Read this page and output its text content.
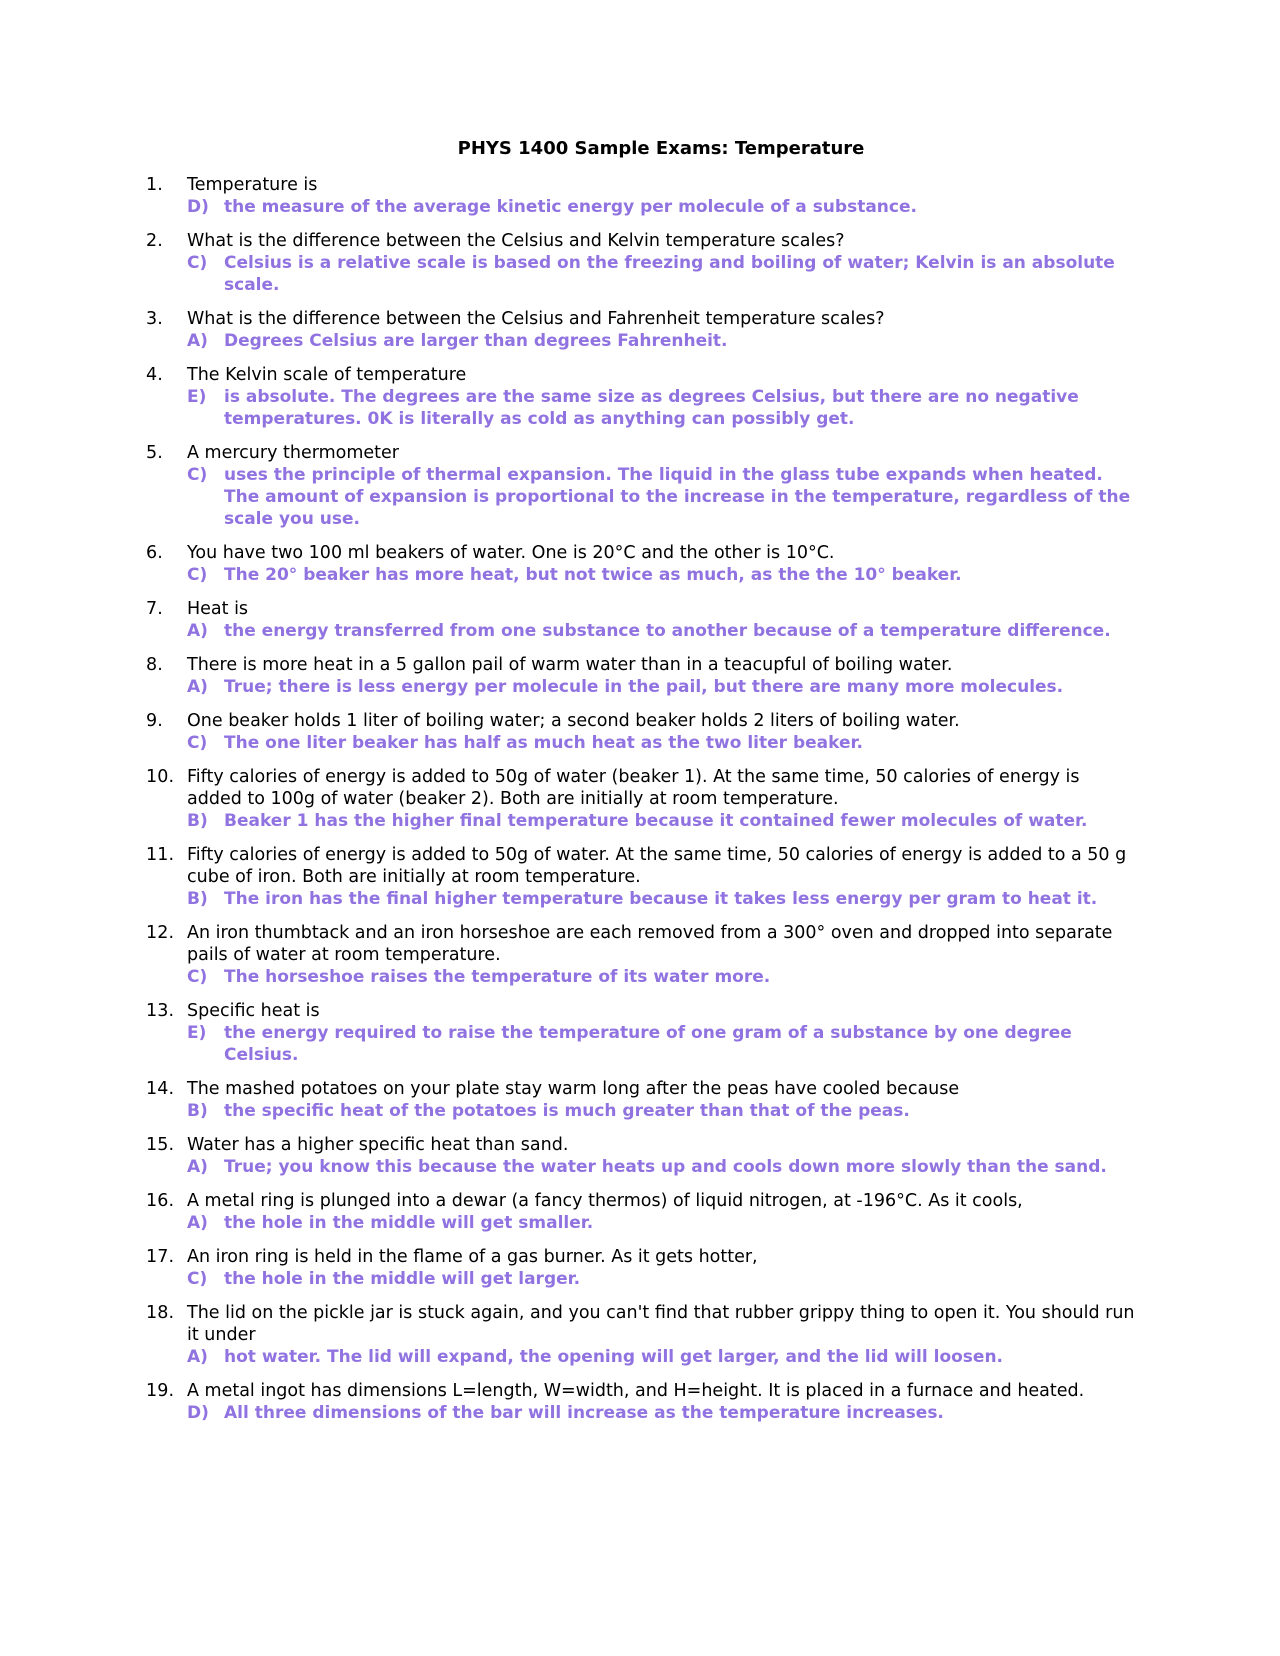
PHYS 1400 Sample Exams: Temperature
1.	Temperature is
D) the measure of the average kinetic energy per molecule of a substance.
2.	What is the difference between the Celsius and Kelvin temperature scales?
C) Celsius is a relative scale is based on the freezing and boiling of water; Kelvin is an absolute scale.
3.	What is the difference between the Celsius and Fahrenheit temperature scales?
A) Degrees Celsius are larger than degrees Fahrenheit.
4.	The Kelvin scale of temperature
E)	is absolute. The degrees are the same size as degrees Celsius, but there are no negative temperatures. 0K is literally as cold as anything can possibly get.
5.	A mercury thermometer
C) uses the principle of thermal expansion. The liquid in the glass tube expands when heated. The amount of expansion is proportional to the increase in the temperature, regardless of the scale you use.
6.	You have two 100 ml beakers of water. One is 20°C and the other is 10°C.
C) The 20° beaker has more heat, but not twice as much, as the the 10° beaker.
7.	Heat is
A) the energy transferred from one substance to another because of a temperature difference.
8.	There is more heat in a 5 gallon pail of warm water than in a teacupful of boiling water.
A) True; there is less energy per molecule in the pail, but there are many more molecules.
9.	One beaker holds 1 liter of boiling water; a second beaker holds 2 liters of boiling water.
C) The one liter beaker has half as much heat as the two liter beaker.
10. Fifty calories of energy is added to 50g of water (beaker 1). At the same time, 50 calories of energy is added to 100g of water (beaker 2). Both are initially at room temperature.
B) Beaker 1 has the higher final temperature because it contained fewer molecules of water.
11. Fifty calories of energy is added to 50g of water. At the same time, 50 calories of energy is added to a 50 g cube of iron. Both are initially at room temperature.
B) The iron has the final higher temperature because it takes less energy per gram to heat it.
12. An iron thumbtack and an iron horseshoe are each removed from a 300° oven and dropped into separate pails of water at room temperature.
C) The horseshoe raises the temperature of its water more.
13. Specific heat is
E)	the energy required to raise the temperature of one gram of a substance by one degree Celsius.
14. The mashed potatoes on your plate stay warm long after the peas have cooled because
B) the specific heat of the potatoes is much greater than that of the peas.
15. Water has a higher specific heat than sand.
A) True; you know this because the water heats up and cools down more slowly than the sand.
16. A metal ring is plunged into a dewar (a fancy thermos) of liquid nitrogen, at -196°C. As it cools,
A) the hole in the middle will get smaller.
17. An iron ring is held in the flame of a gas burner. As it gets hotter,
C) the hole in the middle will get larger.
18. The lid on the pickle jar is stuck again, and you can't find that rubber grippy thing to open it. You should run it under
A) hot water. The lid will expand, the opening will get larger, and the lid will loosen.
19. A metal ingot has dimensions L=length, W=width, and H=height. It is placed in a furnace and heated.
D) All three dimensions of the bar will increase as the temperature increases.
